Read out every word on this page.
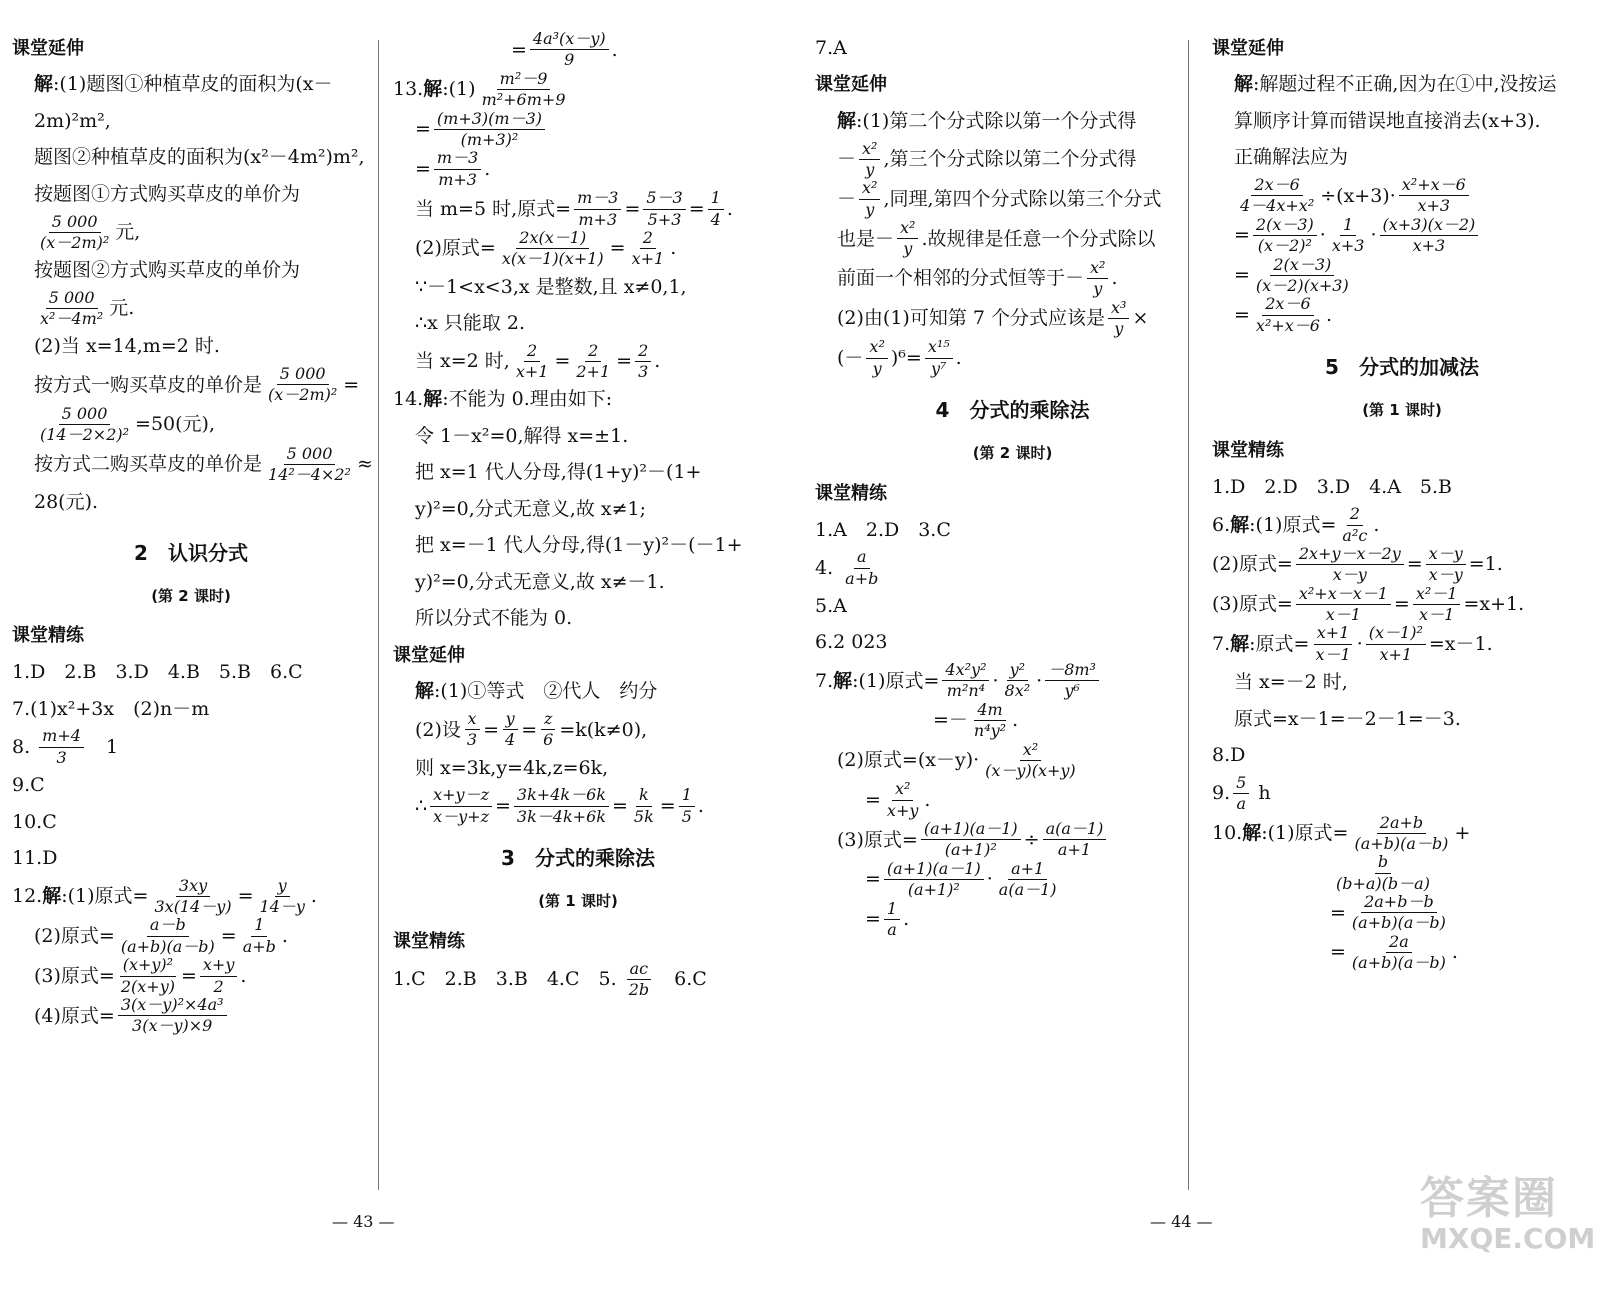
课堂延伸
解 :(1)题图①种植草皮的面积为(x－
2m)²m²,
题图②种植草皮的面积为(x²－4m²)m²,
按题图①方式购买草皮的单价为
$\frac{5 000}{\text{(x－2m)²}}$ 元,
按题图②方式购买草皮的单价为
$\frac{5 000}{\text{x²－4m²}}$ 元.
(2)当 x=14,m=2 时.
按方式一购买草皮的单价是 $\frac{5 000}{\text{(x－2m)²}}$ =
$\frac{5 000}{\text{(14－2×2)²}} =50$(元),
按方式二购买草皮的单价是 $\frac{5 000}{\text{14²－4×2²}}$ ≈
28(元).
2　认识分式
(第 2 课时)
课堂精练
1.D　2.B　3.D　4.B　5.B　6.C
7.(1)x²+3x　(2)n－m
8. $\frac{m+4}{3}$ 　1
9.C
10.C
11.D
12. 解 :(1)原式= $\frac{3xy}{3x(14-y)} = \frac{y}{14-y}$ .
(2)原式= $\frac{a-b}{(a+b)(a-b)} = \frac{1}{a+b}$ .
(3)原式= $\frac{\text{(x+y)²}}{2(x+y)} = \frac{x+y}{2}$ .
(4)原式= $\frac{\text{3(x－y)²×4a³}}{3(x-y)\times 9}$
= $\frac{\text{4a³(x－y)}}{9}$ .
13. 解 :(1) $\frac{\text{m²－9}}{\text{m²+6m+9}}$
= $\frac{(m+3)(m-3)}{\text{(m+3)²}}$
= $\frac{m-3}{m+3}$ .
当 m=5 时,原式= $\frac{m-3}{m+3} = \frac{5-3}{5+3} = \frac{1}{4}$ .
(2)原式= $\frac{2x(x-1)}{x(x-1)(x+1)} = \frac{2}{x+1}$ .
∵－1<x<3,x 是整数,且 x≠0,1,
∴x 只能取 2.
当 x=2 时, $\frac{2}{x+1} = \frac{2}{2+1} = \frac{2}{3}$ .
14. 解 :不能为 0.理由如下:
令 1－x²=0,解得 x=±1.
把 x=1 代人分母,得(1+y)²－(1+
y)²=0,分式无意义,故 x≠1;
把 x=－1 代人分母,得(1－y)²－(－1+
y)²=0,分式无意义,故 x≠－1.
所以分式不能为 0.
课堂延伸
解 :(1)①等式　②代人　约分
(2)设 $\frac{x}{3} = \frac{y}{4} = \frac{z}{6} =k(k\ne 0)$,
则 x=3k,y=4k,z=6k,
∴ $\frac{x+y-z}{x-y+z} = \frac{3k+4k-6k}{3k-4k+6k} = \frac{k}{5k} = \frac{1}{5}$ .
3　分式的乘除法
(第 1 课时)
课堂精练
1.C　2.B　3.B　4.C　5. $\frac{ac}{2b}$ 　6.C
7.A
课堂延伸
解 :(1)第二个分式除以第一个分式得
－ $\frac{\text{x²}}{y}$ ,第三个分式除以第二个分式得
－ $\frac{\text{x²}}{y}$ ,同理,第四个分式除以第三个分式
也是－ $\frac{\text{x²}}{y}$ .故规律是任意一个分式除以
前面一个相邻的分式恒等于－ $\frac{\text{x²}}{y}$ .
(2)由(1)可知第 7 个分式应该是 $\frac{\text{x³}}{y}$ ×
(－ $\frac{\text{x²}}{y} )^6= \frac{\text{x¹⁵}}{\text{y⁷}}$ .
4　分式的乘除法
(第 2 课时)
课堂精练
1.A　2.D　3.C
4. $\frac{a}{a+b}$
5.A
6.2 023
7. 解 :(1)原式= $\frac{\text{4x²y²}}{\text{m²n⁴}} \cdot \frac{\text{y²}}{\text{8x²}} \cdot \frac{\text{－8m³}}{\text{y⁶}}$
=－ $\frac{4m}{\text{n⁴y²}}$ .
(2)原式$=(x-y)\cdot \frac{\text{x²}}{(x-y)(x+y)}$
= $\frac{\text{x²}}{x+y}$ .
(3)原式= $\frac{(a+1)(a-1)}{\text{(a+1)²}} \div \frac{a(a-1)}{a+1}$
= $\frac{(a+1)(a-1)}{\text{(a+1)²}} \cdot \frac{a+1}{a(a-1)}$
= $\frac{1}{a}$ .
课堂延伸
解 :解题过程不正确,因为在①中,没按运
算顺序计算而错误地直接消去(x+3).
正确解法应为
$\frac{2x-6}{\text{4－4x+x²}} \div(x+3)\cdot \frac{\text{x²+x－6}}{x+3}$
= $\frac{2(x-3)}{\text{(x－2)²}} \cdot \frac{1}{x+3} \cdot \frac{(x+3)(x-2)}{x+3}$
= $\frac{2(x-3)}{(x-2)(x+3)}$
= $\frac{2x-6}{\text{x²+x－6}}$ .
5　分式的加减法
(第 1 课时)
课堂精练
1.D　2.D　3.D　4.A　5.B
6. 解 :(1)原式= $\frac{2}{\text{a²c}}$ .
(2)原式= $\frac{2x+y-x-2y}{x-y} = \frac{x-y}{x-y} =1$.
(3)原式= $\frac{\text{x²+x－x－1}}{x-1} = \frac{\text{x²－1}}{x-1} =x+1$.
7. 解 :原式= $\frac{x+1}{x-1} \cdot \frac{\text{(x－1)²}}{x+1} =x-1$.
当 x=－2 时,
原式=x－1=－2－1=－3.
8.D
9. $\frac{5}{a}$ h
10. 解 :(1)原式= $\frac{2a+b}{(a+b)(a-b)}$ +
$\frac{b}{(b+a)(b-a)}$
= $\frac{2a+b-b}{(a+b)(a-b)}$
= $\frac{2a}{(a+b)(a-b)}$ .
— 43 —	— 44 —	答案圈
MXQE.COM
